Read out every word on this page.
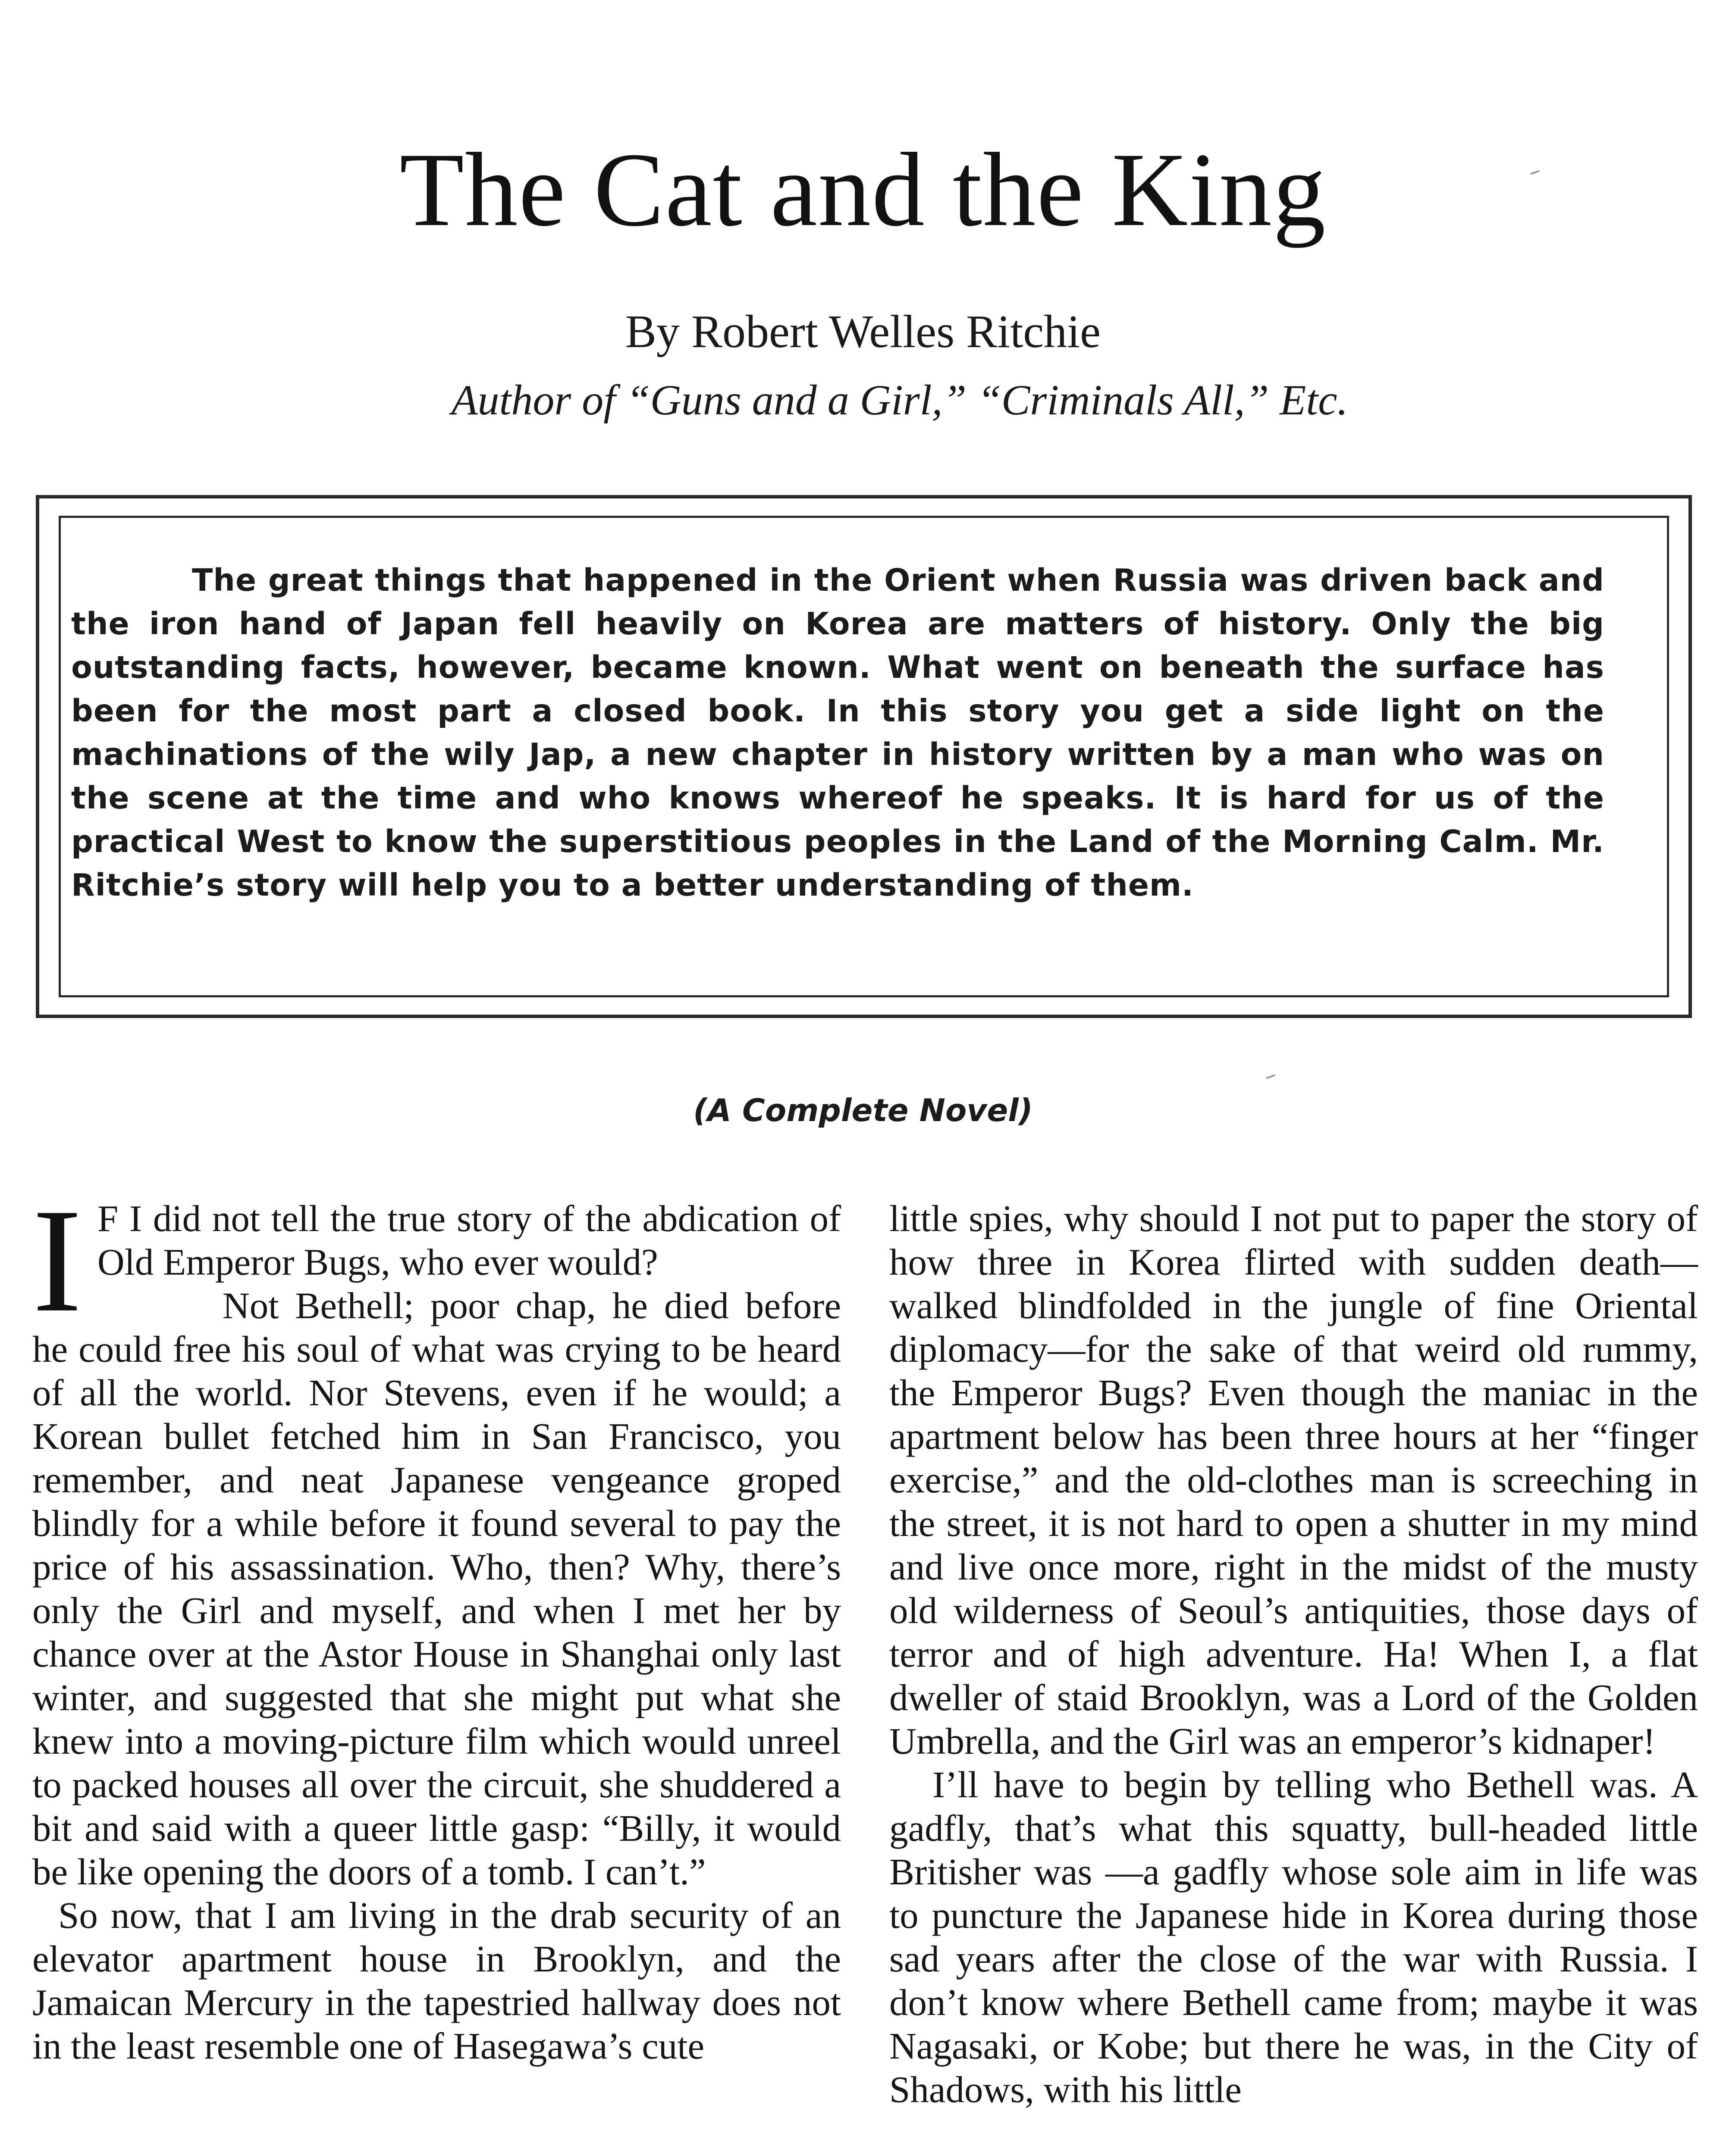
The Cat and the King
By Robert Welles Ritchie
Author of “Guns and a Girl,” “Criminals All,” Etc.
The great things that happened in the Orient when Russia was driven back and the iron hand of Japan fell heavily on Korea are matters of history. Only the big outstanding facts, however, became known. What went on beneath the surface has been for the most part a closed book. In this story you get a side light on the machinations of the wily Jap, a new chapter in history written by a man who was on the scene at the time and who knows whereof he speaks. It is hard for us of the practical West to know the superstitious peoples in the Land of the Morning Calm. Mr. Ritchie’s story will help you to a better understanding of them.
(A Complete Novel)

I F I did not tell the true story of the abdication of Old Emperor Bugs, who ever would?

Not Bethell; poor chap, he died before he could free his soul of what was crying to be heard of all the world. Nor Stevens, even if he would; a Korean bullet fetched him in San Francisco, you remember, and neat Japanese vengeance groped blindly for a while before it found several to pay the price of his assassination. Who, then? Why, there’s only the Girl and myself, and when I met her by chance over at the Astor House in Shanghai only last winter, and suggested that she might put what she knew into a moving-picture film which would unreel to packed houses all over the circuit, she shuddered a bit and said with a queer little gasp: “Billy, it would be like opening the doors of a tomb. I can’t.”

So now, that I am living in the drab security of an elevator apartment house in Brooklyn, and the Jamaican Mercury in the tapestried hallway does not in the least resemble one of Hasegawa’s cute

little spies, why should I not put to paper the story of how three in Korea flirted with sudden death—walked blindfolded in the jungle of fine Oriental diplomacy—for the sake of that weird old rummy, the Emperor Bugs? Even though the maniac in the apartment below has been three hours at her “finger exercise,” and the old-clothes man is screeching in the street, it is not hard to open a shutter in my mind and live once more, right in the midst of the musty old wilderness of Seoul’s antiquities, those days of terror and of high adventure. Ha! When I, a flat dweller of staid Brooklyn, was a Lord of the Golden Umbrella, and the Girl was an emperor’s kidnaper!

I’ll have to begin by telling who Bethell was. A gadfly, that’s what this squatty, bull-headed little Britisher was —a gadfly whose sole aim in life was to puncture the Japanese hide in Korea during those sad years after the close of the war with Russia. I don’t know where Bethell came from; maybe it was Nagasaki, or Kobe; but there he was, in the City of Shadows, with his little
